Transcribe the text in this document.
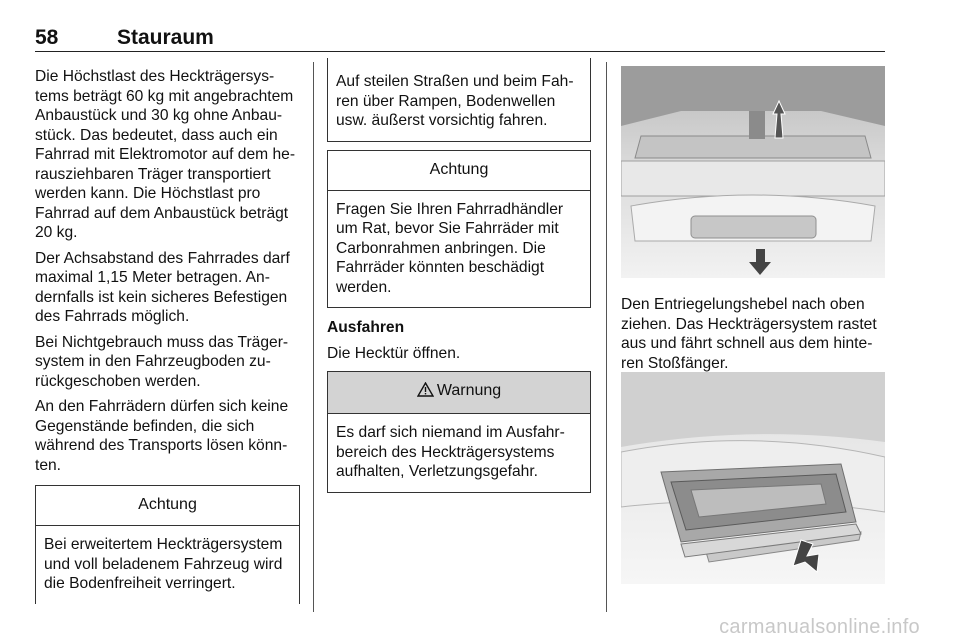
58	Stauraum

Die Höchstlast des Heckträgersystems beträgt 60 kg mit angebrachtem Anbaustück und 30 kg ohne Anbaustück. Das bedeutet, dass auch ein Fahrrad mit Elektromotor auf dem herausziehbaren Träger transportiert werden kann. Die Höchstlast pro Fahrrad auf dem Anbaustück beträgt 20 kg.

Der Achsabstand des Fahrrades darf maximal 1,15 Meter betragen. Andernfalls ist kein sicheres Befestigen des Fahrrads möglich.

Bei Nichtgebrauch muss das Trägersystem in den Fahrzeugboden zurückgeschoben werden.

An den Fahrrädern dürfen sich keine Gegenstände befinden, die sich während des Transports lösen könnten.

Achtung
Bei erweitertem Heckträgersystem und voll beladenem Fahrzeug wird die Bodenfreiheit verringert.
Auf steilen Straßen und beim Fahren über Rampen, Bodenwellen usw. äußerst vorsichtig fahren.
Achtung
Fragen Sie Ihren Fahrradhändler um Rat, bevor Sie Fahrräder mit Carbonrahmen anbringen. Die Fahrräder könnten beschädigt werden.

Ausfahren

Die Hecktür öffnen.

Warnung
Es darf sich niemand im Ausfahrbereich des Heckträgersystems aufhalten, Verletzungsgefahr.

Den Entriegelungshebel nach oben ziehen. Das Heckträgersystem rastet aus und fährt schnell aus dem hinteren Stoßfänger.

carmanualsonline.info
